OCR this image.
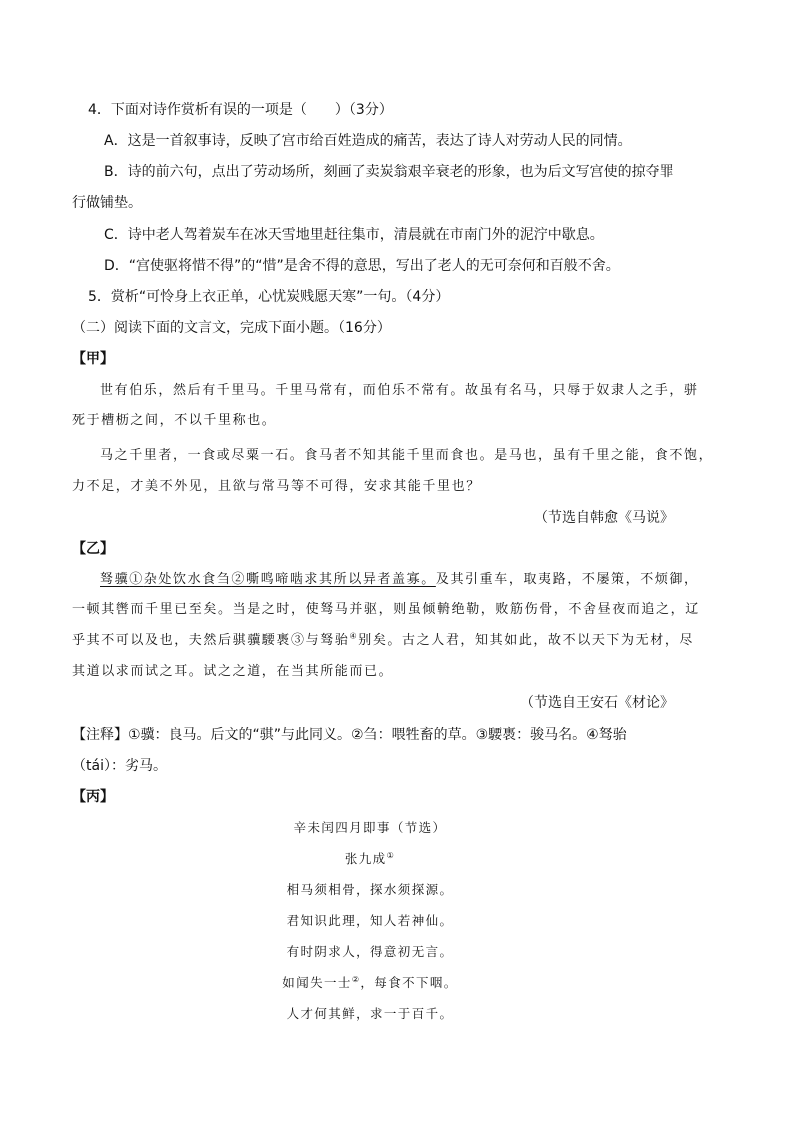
4．下面对诗作赏析有误的一项是（　　）（3分）
A．这是一首叙事诗，反映了宫市给百姓造成的痛苦，表达了诗人对劳动人民的同情。
B．诗的前六句，点出了劳动场所，刻画了卖炭翁艰辛衰老的形象，也为后文写宫使的掠夺罪
行做铺垫。
C．诗中老人驾着炭车在冰天雪地里赶往集市，清晨就在市南门外的泥泞中歇息。
D．“宫使驱将惜不得”的“惜”是舍不得的意思，写出了老人的无可奈何和百般不舍。
5．赏析“可怜身上衣正单，心忧炭贱愿天寒”一句。（4分）
（二）阅读下面的文言文，完成下面小题。（16分）
【甲】
世有伯乐，然后有千里马。千里马常有，而伯乐不常有。故虽有名马，只辱于奴隶人之手，骈
死于槽枥之间，不以千里称也。
马之千里者，一食或尽粟一石。食马者不知其能千里而食也。是马也，虽有千里之能，食不饱，
力不足，才美不外见，且欲与常马等不可得，安求其能千里也？
（节选自韩愈《马说》
【乙】
驽骥①杂处饮水食刍②嘶鸣啼啮求其所以异者盖寡。及其引重车，取夷路，不屡策，不烦御，
一顿其辔而千里已至矣。当是之时，使驽马并驱，则虽倾輈绝勒，败筋伤骨，不舍昼夜而追之，辽
乎其不可以及也，夫然后骐骥騕褭③与驽骀④别矣。古之人君，知其如此，故不以天下为无材，尽
其道以求而试之耳。试之之道，在当其所能而已。
（节选自王安石《材论》
【注释】①骥：良马。后文的“骐”与此同义。②刍：喂牲畜的草。③騕褭：骏马名。④驽骀
（tái）：劣马。
【丙】
辛未闰四月即事（节选）
张九成①
相马须相骨，探水须探源。
君知识此理，知人若神仙。
有时阴求人，得意初无言。
如闻失一士②，每食不下咽。
人才何其鲜，求一于百千。
